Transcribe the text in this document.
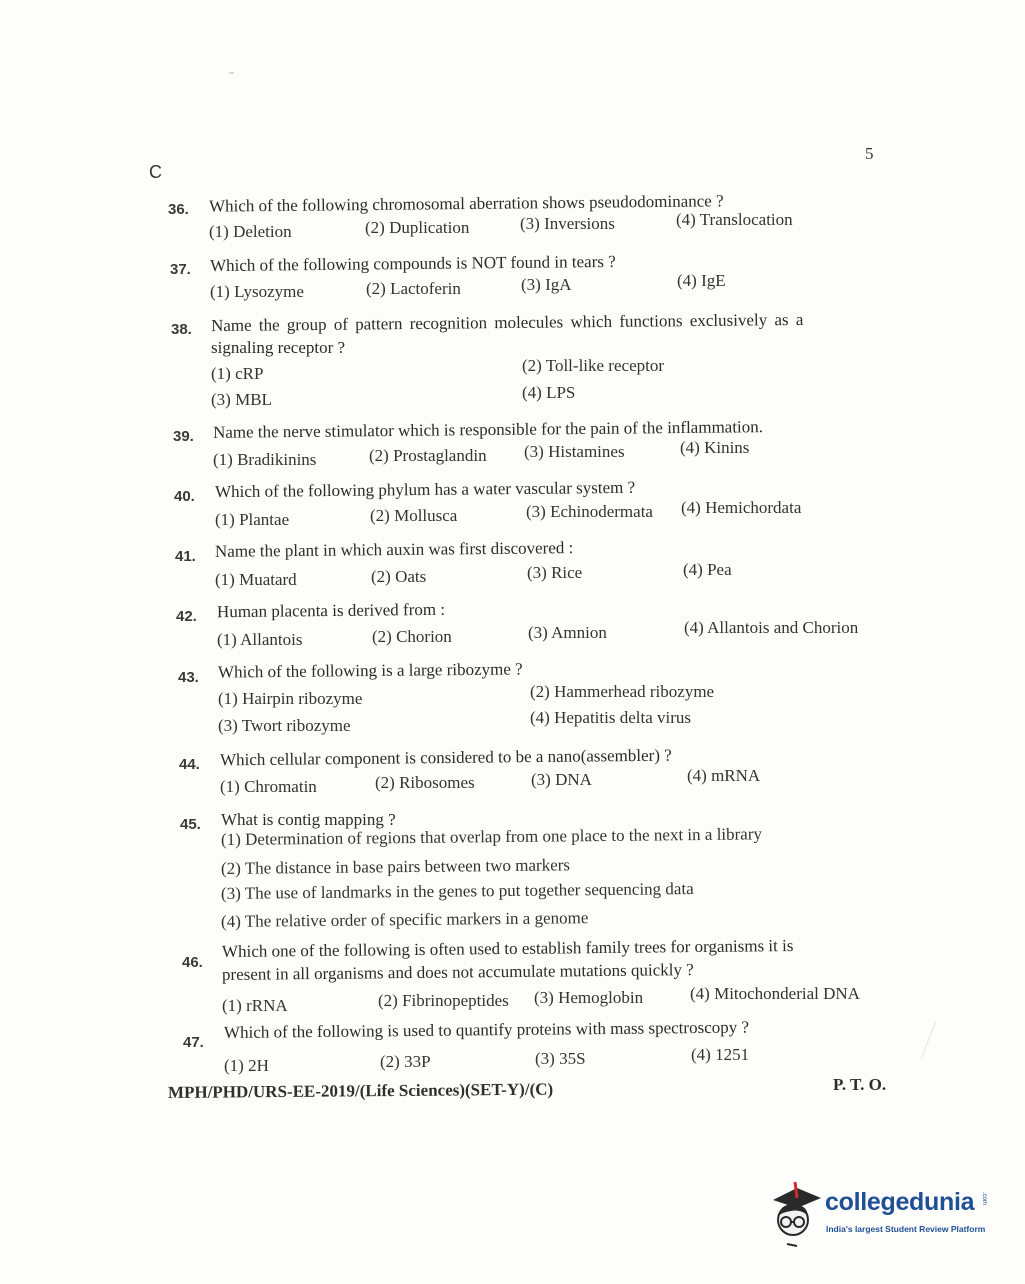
C
5
36. Which of the following chromosomal aberration shows pseudodominance ?
(1) Deletion	(2) Duplication	(3) Inversions	(4) Translocation
37. Which of the following compounds is NOT found in tears ?
(1) Lysozyme	(2) Lactoferin	(3) IgA	(4) IgE
38. Name the group of pattern recognition molecules which functions exclusively as a
signaling receptor ?
(1) cRP	(2) Toll-like receptor
(3) MBL	(4) LPS
39. Name the nerve stimulator which is responsible for the pain of the inflammation.
(1) Bradikinins	(2) Prostaglandin (3) Histamines	(4) Kinins
40. Which of the following phylum has a water vascular system ?
(1) Plantae	(2) Mollusca	(3) Echinodermata (4) Hemichordata
41. Name the plant in which auxin was first discovered :
(1) Muatard	(2) Oats	(3) Rice	(4) Pea
42. Human placenta is derived from :
(1) Allantois	(2) Chorion	(3) Amnion	(4) Allantois and Chorion
43. Which of the following is a large ribozyme ?
(1) Hairpin ribozyme	(2) Hammerhead ribozyme
(3) Twort ribozyme	(4) Hepatitis delta virus
44. Which cellular component is considered to be a nano(assembler) ?
(1) Chromatin	(2) Ribosomes	(3) DNA	(4) mRNA
45. What is contig mapping ?
(1) Determination of regions that overlap from one place to the next in a library
(2) The distance in base pairs between two markers
(3) The use of landmarks in the genes to put together sequencing data
(4) The relative order of specific markers in a genome
46.
Which one of the following is often used to establish family trees for organisms it is
present in all organisms and does not accumulate mutations quickly ?
(1) rRNA	(2) Fibrinopeptides (3) Hemoglobin	(4) Mitochonderial DNA
47.
Which of the following is used to quantify proteins with mass spectroscopy ?
(1) 2H	(2) 33P	(3) 35S	(4) 1251
MPH/PHD/URS-EE-2019/(Life Sciences)(SET-Y)/(C)	P. T. O.
collegedunia .com
India's largest Student Review Platform
